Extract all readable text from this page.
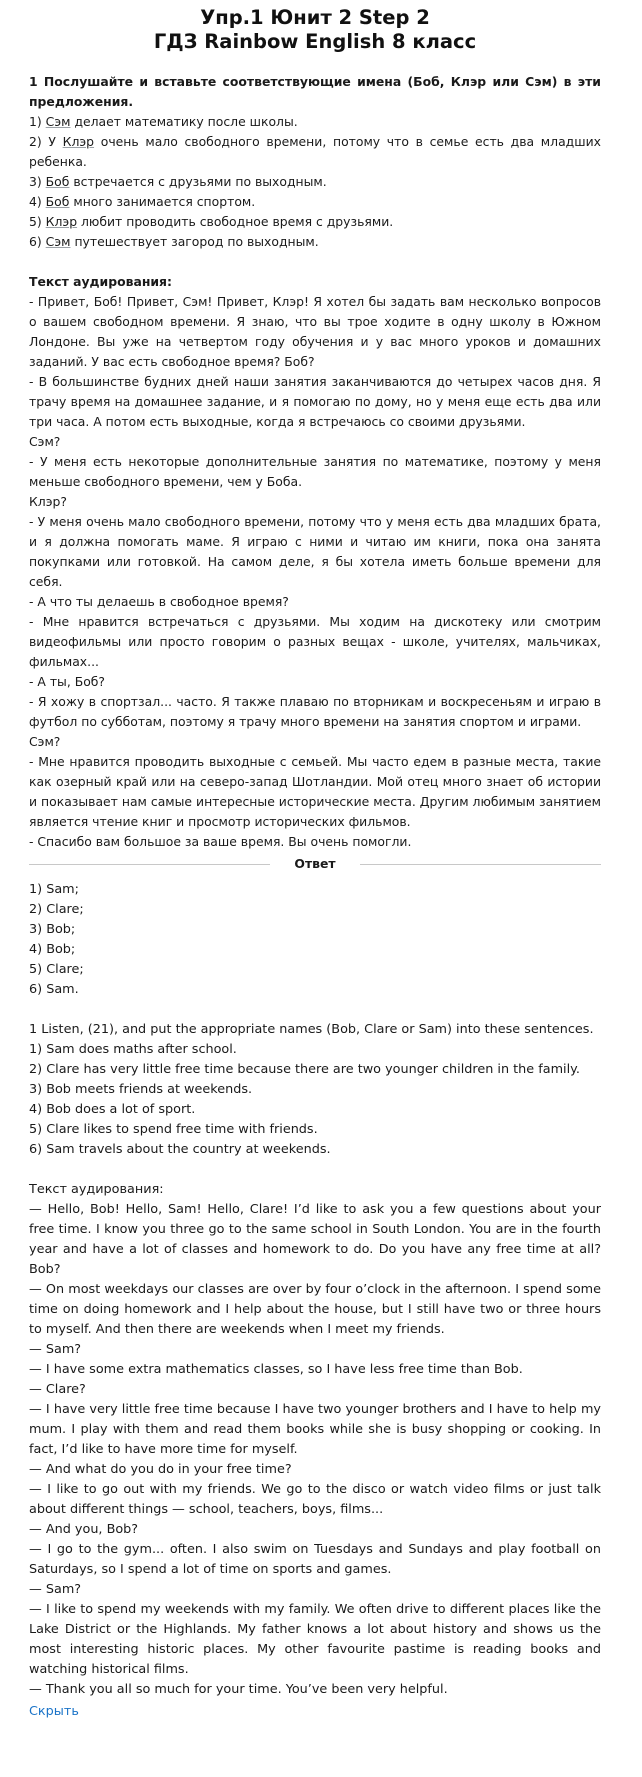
Упр.1 Юнит 2 Step 2
ГДЗ Rainbow English 8 класс
1 Послушайте и вставьте соответствующие имена (Боб, Клэр или Сэм) в эти предложения.
1) Сэм делает математику после школы.
2) У Клэр очень мало свободного времени, потому что в семье есть два младших ребенка.
3) Боб встречается с друзьями по выходным.
4) Боб много занимается спортом.
5) Клэр любит проводить свободное время с друзьями.
6) Сэм путешествует загород по выходным.
Текст аудирования:
- Привет, Боб! Привет, Сэм! Привет, Клэр! Я хотел бы задать вам несколько вопросов о вашем свободном времени. Я знаю, что вы трое ходите в одну школу в Южном Лондоне. Вы уже на четвертом году обучения и у вас много уроков и домашних заданий. У вас есть свободное время? Боб?
- В большинстве будних дней наши занятия заканчиваются до четырех часов дня. Я трачу время на домашнее задание, и я помогаю по дому, но у меня еще есть два или три часа. А потом есть выходные, когда я встречаюсь со своими друзьями.
Сэм?
- У меня есть некоторые дополнительные занятия по математике, поэтому у меня меньше свободного времени, чем у Боба.
Клэр?
- У меня очень мало свободного времени, потому что у меня есть два младших брата, и я должна помогать маме. Я играю с ними и читаю им книги, пока она занята покупками или готовкой. На самом деле, я бы хотела иметь больше времени для себя.
- А что ты делаешь в свободное время?
- Мне нравится встречаться с друзьями. Мы ходим на дискотеку или смотрим видеофильмы или просто говорим о разных вещах - школе, учителях, мальчиках, фильмах...
- А ты, Боб?
- Я хожу в спортзал... часто. Я также плаваю по вторникам и воскресеньям и играю в футбол по субботам, поэтому я трачу много времени на занятия спортом и играми.
Сэм?
- Мне нравится проводить выходные с семьей. Мы часто едем в разные места, такие как озерный край или на северо-запад Шотландии. Мой отец много знает об истории и показывает нам самые интересные исторические места. Другим любимым занятием является чтение книг и просмотр исторических фильмов.
- Спасибо вам большое за ваше время. Вы очень помогли.
Ответ
1) Sam;
2) Clare;
3) Bob;
4) Bob;
5) Clare;
6) Sam.
1 Listen, (21), and put the appropriate names (Bob, Clare or Sam) into these sentences.
1) Sam does maths after school.
2) Clare has very little free time because there are two younger children in the family.
3) Bob meets friends at weekends.
4) Bob does a lot of sport.
5) Clare likes to spend free time with friends.
6) Sam travels about the country at weekends.
Текст аудирования:
— Hello, Bob! Hello, Sam! Hello, Clare! I’d like to ask you a few questions about your free time. I know you three go to the same school in South London. You are in the fourth year and have a lot of classes and homework to do. Do you have any free time at all? Bob?
— On most weekdays our classes are over by four o’clock in the afternoon. I spend some time on doing homework and I help about the house, but I still have two or three hours to myself. And then there are weekends when I meet my friends.
— Sam?
— I have some extra mathematics classes, so I have less free time than Bob.
— Clare?
— I have very little free time because I have two younger brothers and I have to help my mum. I play with them and read them books while she is busy shopping or cooking. In fact, I’d like to have more time for myself.
— And what do you do in your free time?
— I like to go out with my friends. We go to the disco or watch video films or just talk about different things — school, teachers, boys, films...
— And you, Bob?
— I go to the gym... often. I also swim on Tuesdays and Sundays and play football on Saturdays, so I spend a lot of time on sports and games.
— Sam?
— I like to spend my weekends with my family. We often drive to different places like the Lake District or the Highlands. My father knows a lot about history and shows us the most interesting historic places. My other favourite pastime is reading books and watching historical films.
— Thank you all so much for your time. You’ve been very helpful.
Скрыть
